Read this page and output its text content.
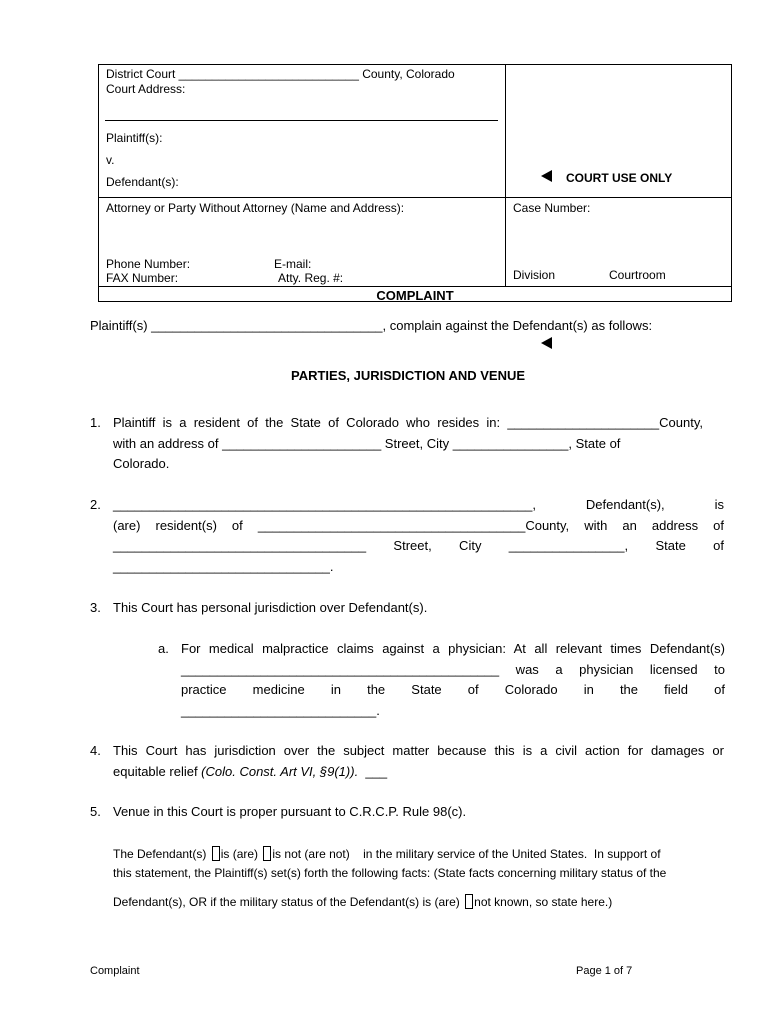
District Court ___________________________ County, Colorado
Court Address:
Plaintiff(s):
v.
Defendant(s):	COURT USE ONLY
Attorney or Party Without Attorney (Name and Address):
Phone Number:	E-mail:
FAX Number:	Atty. Reg. #:
Case Number:
Division	Courtroom
COMPLAINT
Plaintiff(s) ________________________________, complain against the Defendant(s) as follows:
PARTIES, JURISDICTION AND VENUE
1. Plaintiff is a resident of the State of Colorado who resides in: _____________________County,
with an address of ______________________ Street, City ________________, State of
Colorado.
2. __________________________________________________________, Defendant(s), is
(are) resident(s) of _____________________________________County, with an address of
___________________________________ Street, City ________________, State of
______________________________.
3. This Court has personal jurisdiction over Defendant(s).
a. For medical malpractice claims against a physician: At all relevant times Defendant(s)
____________________________________________ was a physician licensed to
practice medicine in the State of Colorado in the field of
___________________________.
4. This Court has jurisdiction over the subject matter because this is a civil action for damages or
equitable relief (Colo. Const. Art VI, §9(1)).  ___
5. Venue in this Court is proper pursuant to C.R.C.P. Rule 98(c).
The Defendant(s) is (are) is not (are not)    in the military service of the United States.  In support of
this statement, the Plaintiff(s) set(s) forth the following facts: (State facts concerning military status of the
Defendant(s), OR if the military status of the Defendant(s) is (are) not known, so state here.)
Complaint	Page 1 of 7
